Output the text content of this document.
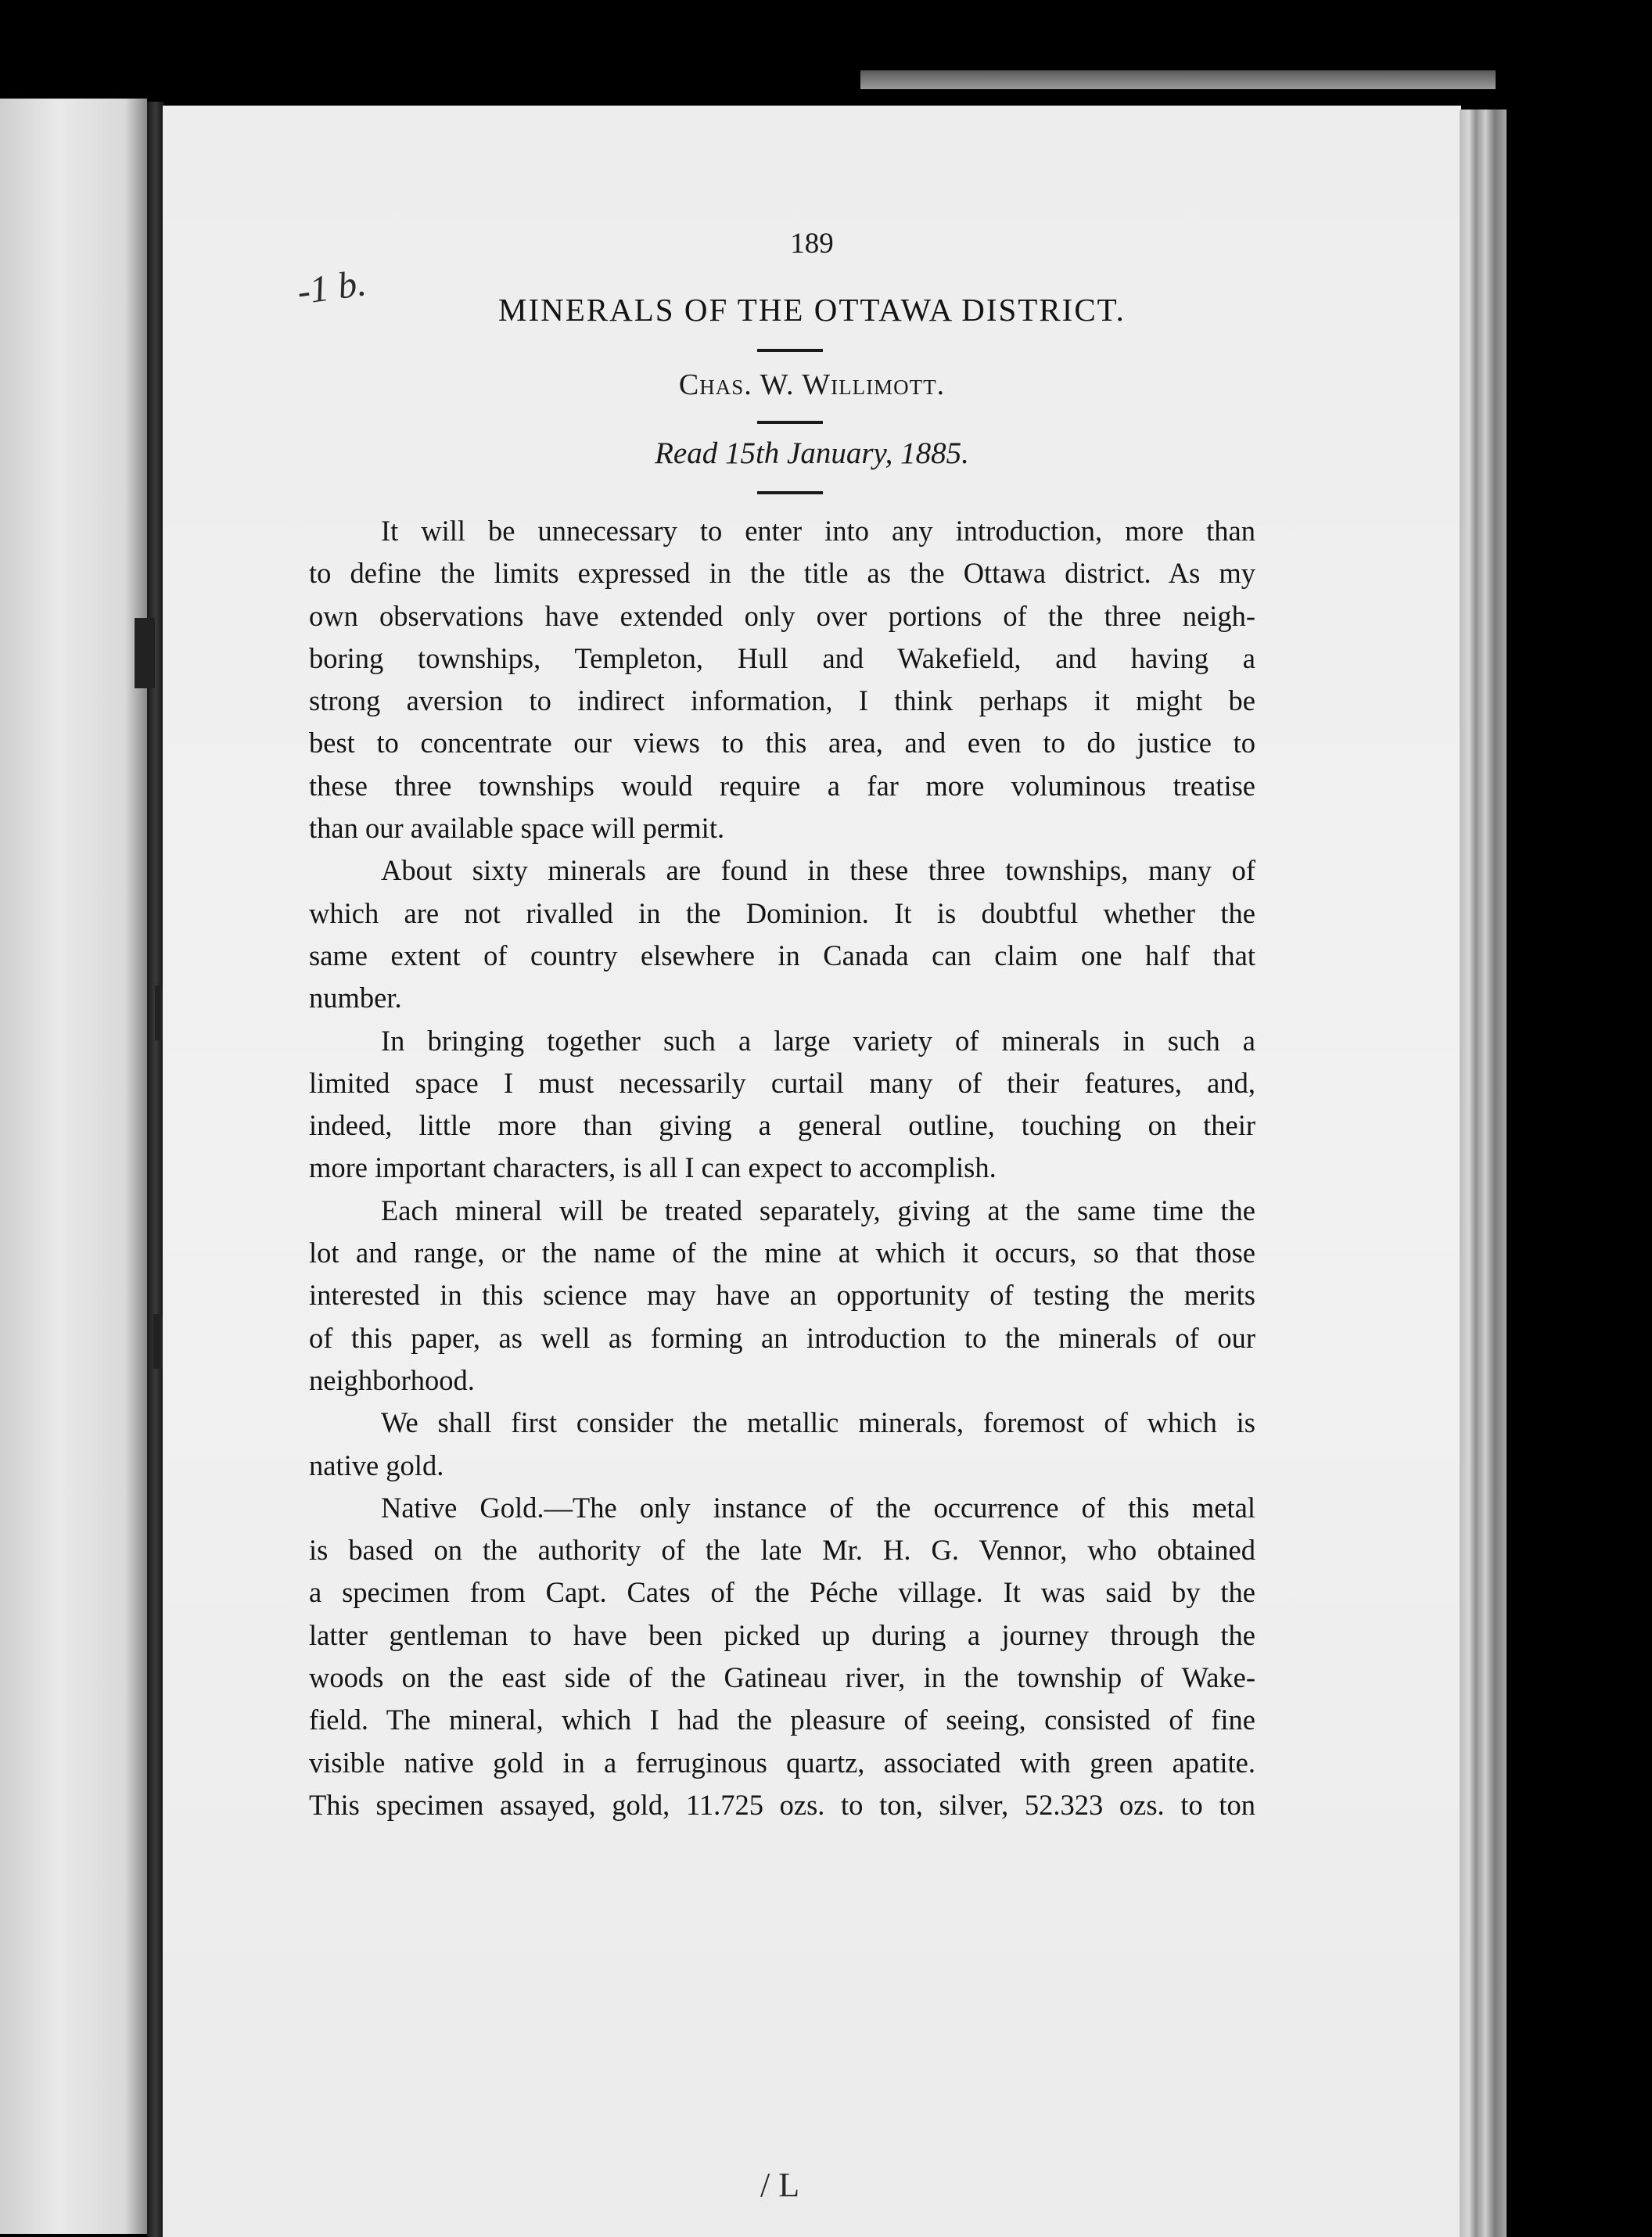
-1 b.
189
MINERALS OF THE OTTAWA DISTRICT.
Chas. W. Willimott.
Read 15th January, 1885.
It will be unnecessary to enter into any introduction, more than
to define the limits expressed in the title as the Ottawa district. As my
own observations have extended only over portions of the three neigh-
boring townships, Templeton, Hull and Wakefield, and having a
strong aversion to indirect information, I think perhaps it might be
best to concentrate our views to this area, and even to do justice to
these three townships would require a far more voluminous treatise
than our available space will permit.
About sixty minerals are found in these three townships, many of
which are not rivalled in the Dominion. It is doubtful whether the
same extent of country elsewhere in Canada can claim one half that
number.
In bringing together such a large variety of minerals in such a
limited space I must necessarily curtail many of their features, and,
indeed, little more than giving a general outline, touching on their
more important characters, is all I can expect to accomplish.
Each mineral will be treated separately, giving at the same time the
lot and range, or the name of the mine at which it occurs, so that those
interested in this science may have an opportunity of testing the merits
of this paper, as well as forming an introduction to the minerals of our
neighborhood.
We shall first consider the metallic minerals, foremost of which is
native gold.
Native Gold.—The only instance of the occurrence of this metal
is based on the authority of the late Mr. H. G. Vennor, who obtained
a specimen from Capt. Cates of the Péche village. It was said by the
latter gentleman to have been picked up during a journey through the
woods on the east side of the Gatineau river, in the township of Wake-
field. The mineral, which I had the pleasure of seeing, consisted of fine
visible native gold in a ferruginous quartz, associated with green apatite.
This specimen assayed, gold, 11.725 ozs. to ton, silver, 52.323 ozs. to ton
/ L
